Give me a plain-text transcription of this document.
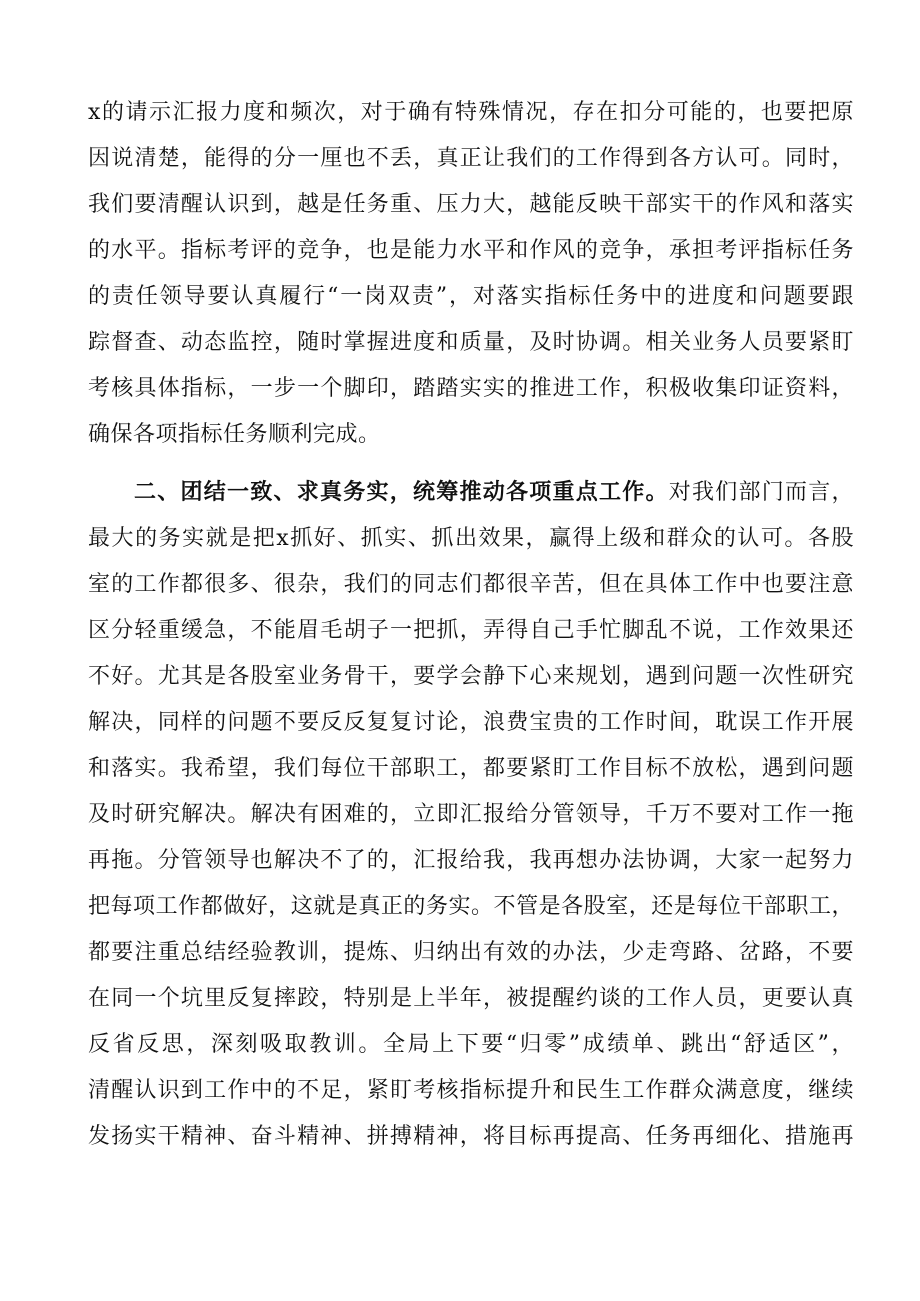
x的请示汇报力度和频次，对于确有特殊情况，存在扣分可能的，也要把原
因说清楚，能得的分一厘也不丢，真正让我们的工作得到各方认可。同时，
我们要清醒认识到，越是任务重、压力大，越能反映干部实干的作风和落实
的水平。指标考评的竞争，也是能力水平和作风的竞争，承担考评指标任务
的责任领导要认真履行“一岗双责”，对落实指标任务中的进度和问题要跟
踪督查、动态监控，随时掌握进度和质量，及时协调。相关业务人员要紧盯
考核具体指标，一步一个脚印，踏踏实实的推进工作，积极收集印证资料，
确保各项指标任务顺利完成。
二、团结一致、求真务实，统筹推动各项重点工作。对我们部门而言，
最大的务实就是把x抓好、抓实、抓出效果，赢得上级和群众的认可。各股
室的工作都很多、很杂，我们的同志们都很辛苦，但在具体工作中也要注意
区分轻重缓急，不能眉毛胡子一把抓，弄得自己手忙脚乱不说，工作效果还
不好。尤其是各股室业务骨干，要学会静下心来规划，遇到问题一次性研究
解决，同样的问题不要反反复复讨论，浪费宝贵的工作时间，耽误工作开展
和落实。我希望，我们每位干部职工，都要紧盯工作目标不放松，遇到问题
及时研究解决。解决有困难的，立即汇报给分管领导，千万不要对工作一拖
再拖。分管领导也解决不了的，汇报给我，我再想办法协调，大家一起努力
把每项工作都做好，这就是真正的务实。不管是各股室，还是每位干部职工，
都要注重总结经验教训，提炼、归纳出有效的办法，少走弯路、岔路，不要
在同一个坑里反复摔跤，特别是上半年，被提醒约谈的工作人员，更要认真
反省反思，深刻吸取教训。全局上下要“归零”成绩单、跳出“舒适区”，
清醒认识到工作中的不足，紧盯考核指标提升和民生工作群众满意度，继续
发扬实干精神、奋斗精神、拼搏精神，将目标再提高、任务再细化、措施再
